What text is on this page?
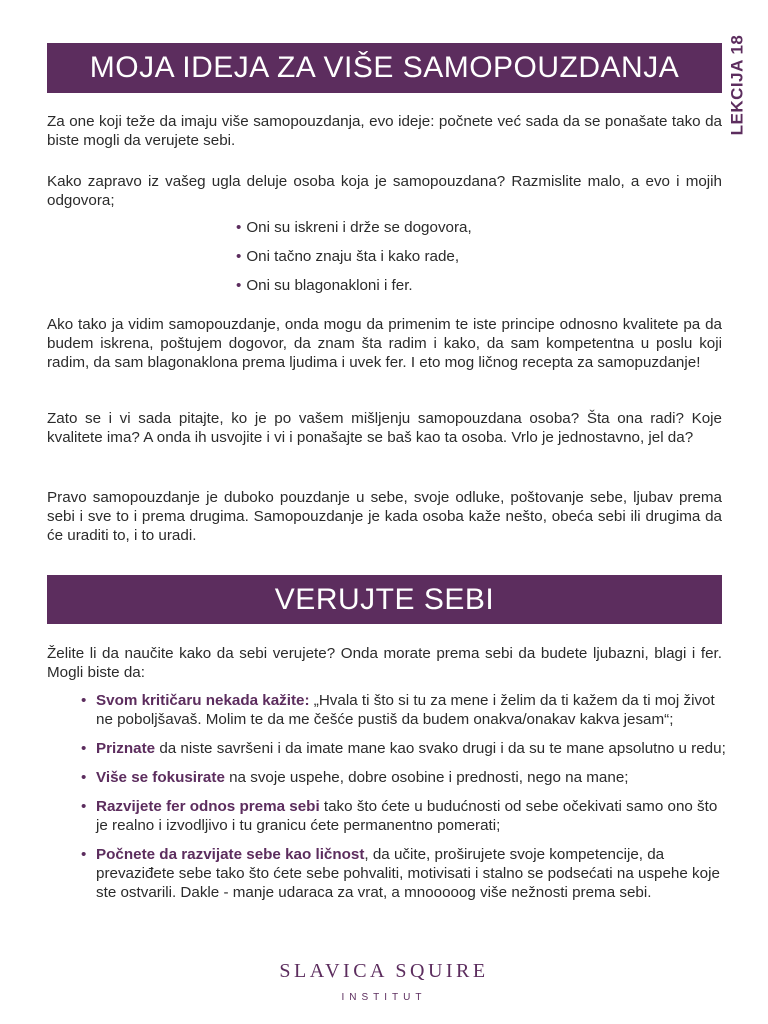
MOJA IDEJA ZA VIŠE SAMOPOUZDANJA	LEKCIJA 18

Za one koji teže da imaju više samopouzdanja, evo ideje: počnete već sada da se ponašate tako da biste mogli da verujete sebi.

Kako zapravo iz vašeg ugla deluje osoba koja je samopouzdana? Razmislite malo, a evo i mojih odgovora;

• Oni su iskreni i drže se dogovora,
• Oni tačno znaju šta i kako rade,
• Oni su blagonakloni i fer.

Ako tako ja vidim samopouzdanje, onda mogu da primenim te iste principe odnosno kvalitete pa da budem iskrena, poštujem dogovor, da znam šta radim i kako, da sam kompetentna u poslu koji radim, da sam blagonaklona prema ljudima i uvek fer. I eto mog ličnog recepta za samopuzdanje!

Zato se i vi sada pitajte, ko je po vašem mišljenju samopouzdana osoba? Šta ona radi? Koje kvalitete ima? A onda ih usvojite i vi i ponašajte se baš kao ta osoba. Vrlo je jednostavno, jel da?

Pravo samopouzdanje je duboko pouzdanje u sebe, svoje odluke, poštovanje sebe, ljubav prema sebi i sve to i prema drugima. Samopouzdanje je kada osoba kaže nešto, obeća sebi ili drugima da će uraditi to, i to uradi.

VERUJTE SEBI

Želite li da naučite kako da sebi verujete? Onda morate prema sebi da budete ljubazni, blagi i fer. Mogli biste da:

• Svom kritičaru nekada kažite: „Hvala ti što si tu za mene i želim da ti kažem da ti moj život ne poboljšavaš. Molim te da me češće pustiš da budem onakva/onakav kakva jesam“;
• Priznate da niste savršeni i da imate mane kao svako drugi i da su te mane apsolutno u redu;
• Više se fokusirate na svoje uspehe, dobre osobine i prednosti, nego na mane;
• Razvijete fer odnos prema sebi tako što ćete u budućnosti od sebe očekivati samo ono što je realno i izvodljivo i tu granicu ćete permanentno pomerati;
• Počnete da razvijate sebe kao ličnost, da učite, proširujete svoje kompetencije, da prevaziđete sebe tako što ćete sebe pohvaliti, motivisati i stalno se podsećati na uspehe koje ste ostvarili. Dakle - manje udaraca za vrat, a mnooooog više nežnosti prema sebi.
SLAVICA SQUIRE
INSTITUT
